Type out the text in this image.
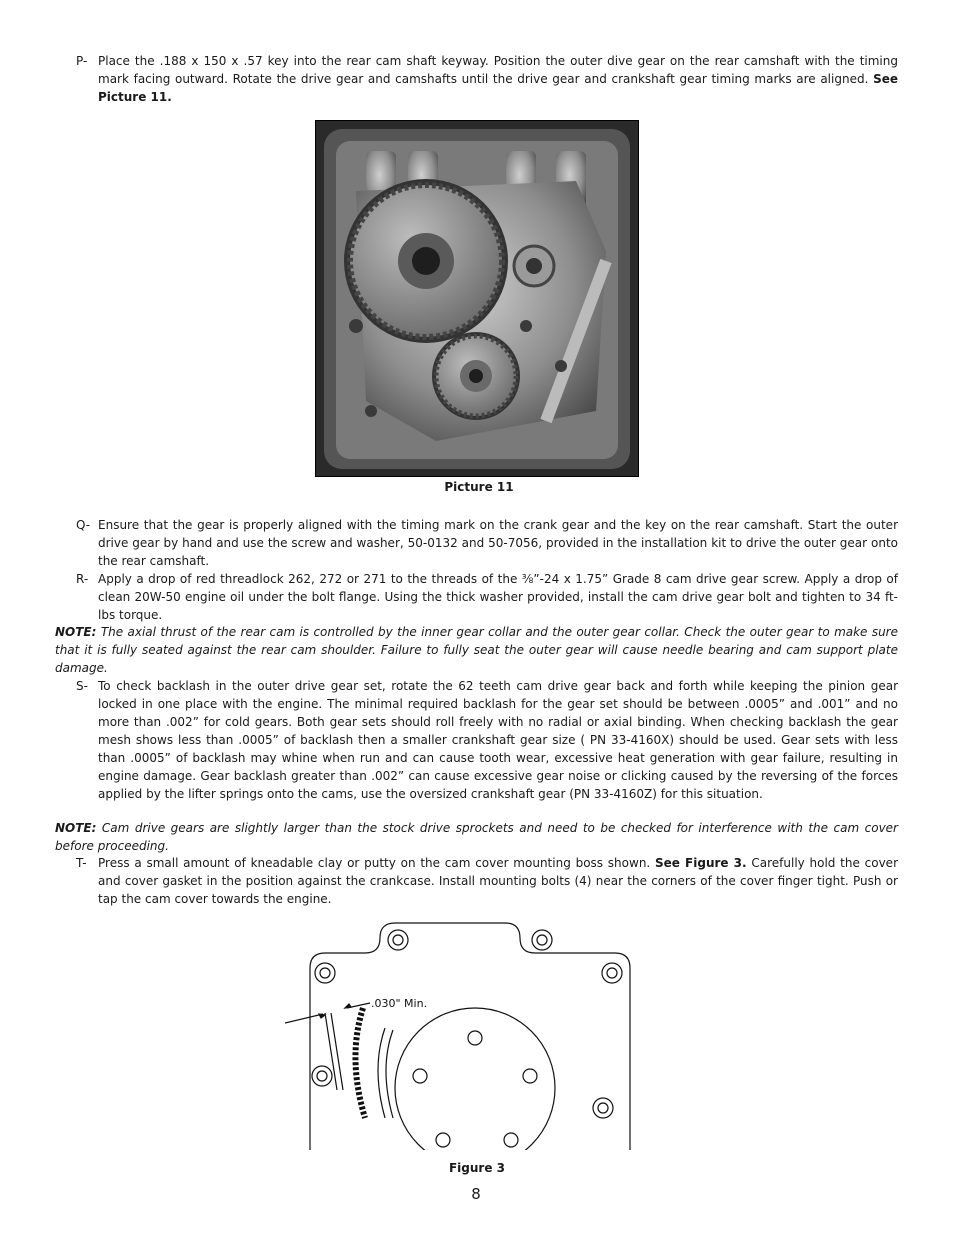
P- Place the .188 x 150 x .57 key into the rear cam shaft keyway. Position the outer dive gear on the rear camshaft with the timing mark facing outward. Rotate the drive gear and camshafts until the drive gear and crankshaft gear timing marks are aligned. See Picture 11.
Picture 11
Q- Ensure that the gear is properly aligned with the timing mark on the crank gear and the key on the rear camshaft. Start the outer drive gear by hand and use the screw and washer, 50-0132 and 50-7056, provided in the installation kit to drive the outer gear onto the rear camshaft.
R- Apply a drop of red threadlock 262, 272 or 271 to the threads of the ⅜”-24 x 1.75” Grade 8 cam drive gear screw. Apply a drop of clean 20W-50 engine oil under the bolt flange. Using the thick washer provided, install the cam drive gear bolt and tighten to 34 ft-lbs torque.
NOTE: The axial thrust of the rear cam is controlled by the inner gear collar and the outer gear collar. Check the outer gear to make sure that it is fully seated against the rear cam shoulder. Failure to fully seat the outer gear will cause needle bearing and cam support plate damage.
S- To check backlash in the outer drive gear set, rotate the 62 teeth cam drive gear back and forth while keeping the pinion gear locked in one place with the engine. The minimal required backlash for the gear set should be between .0005” and .001” and no more than .002” for cold gears. Both gear sets should roll freely with no radial or axial binding. When checking backlash the gear mesh shows less than .0005” of backlash then a smaller crankshaft gear size ( PN 33-4160X) should be used. Gear sets with less than .0005” of backlash may whine when run and can cause tooth wear, excessive heat generation with gear failure, resulting in engine damage. Gear backlash greater than .002” can cause excessive gear noise or clicking caused by the reversing of the forces applied by the lifter springs onto the cams, use the oversized crankshaft gear (PN 33-4160Z) for this situation.
NOTE: Cam drive gears are slightly larger than the stock drive sprockets and need to be checked for interference with the cam cover before proceeding.
T- Press a small amount of kneadable clay or putty on the cam cover mounting boss shown. See Figure 3. Carefully hold the cover and cover gasket in the position against the crankcase. Install mounting bolts (4) near the corners of the cover finger tight. Push or tap the cam cover towards the engine.
.030" Min.
Figure 3
8
